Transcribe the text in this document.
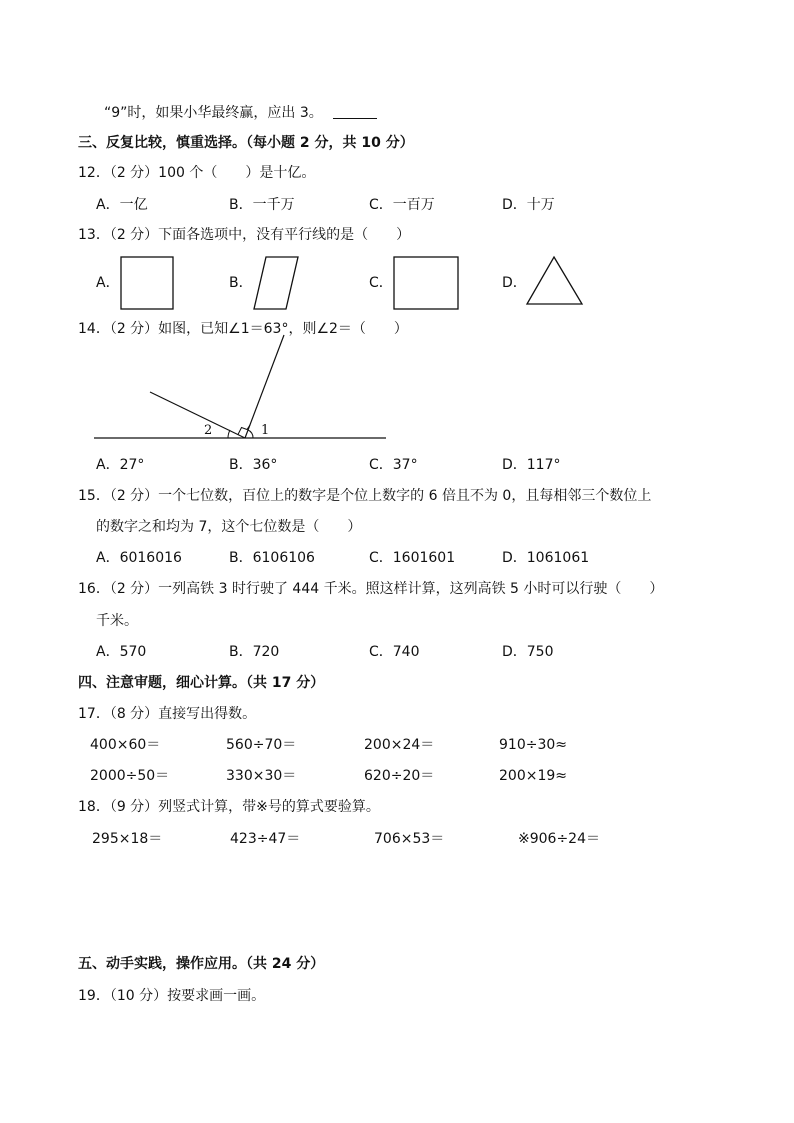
“9”时，如果小华最终赢，应出 3。
三、反复比较，慎重选择。（每小题 2 分，共 10 分）
12．（2 分）100 个（　　）是十亿。
A．一亿	B．一千万	C．一百万	D．十万
13．（2 分）下面各选项中，没有平行线的是（　　）
A．	B．	C．	D．
14．（2 分）如图，已知∠1＝63°，则∠2＝（　　）
2	1
A．27°	B．36°	C．37°	D．117°
15．（2 分）一个七位数，百位上的数字是个位上数字的 6 倍且不为 0，且每相邻三个数位上
的数字之和均为 7，这个七位数是（　　）
A．6016016	B．6106106	C．1601601	D．1061061
16．（2 分）一列高铁 3 时行驶了 444 千米。照这样计算，这列高铁 5 小时可以行驶（　　）
千米。
A．570	B．720	C．740	D．750
四、注意审题，细心计算。（共 17 分）
17．（8 分）直接写出得数。
400×60＝	560÷70＝	200×24＝	910÷30≈
2000÷50＝	330×30＝	620÷20＝	200×19≈
18．（9 分）列竖式计算，带※号的算式要验算。
295×18＝	423÷47＝	706×53＝	※906÷24＝
五、动手实践，操作应用。（共 24 分）
19．（10 分）按要求画一画。
